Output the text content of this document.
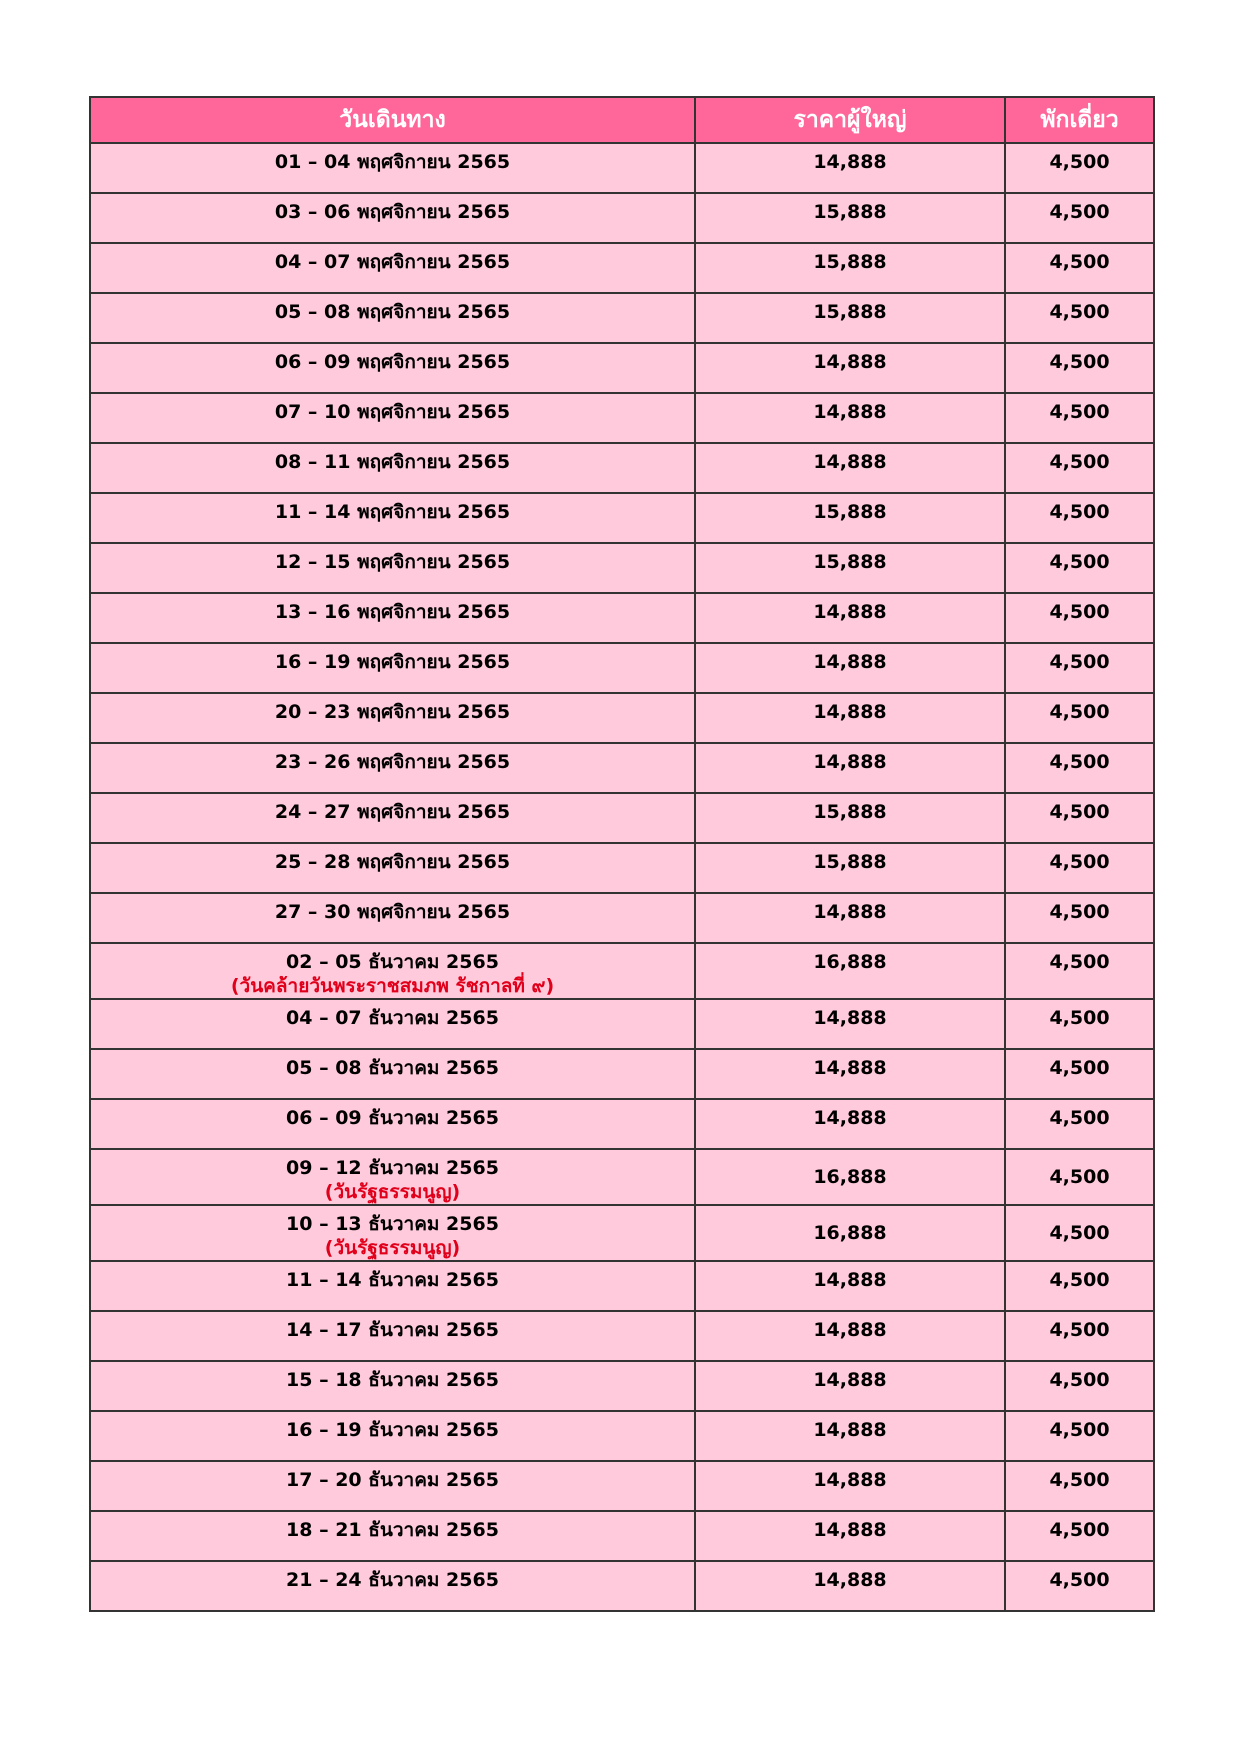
วันเดินทาง	ราคาผู้ใหญ่	พักเดี่ยว
01 – 04 พฤศจิกายน 2565	14,888	4,500
03 – 06 พฤศจิกายน 2565	15,888	4,500
04 – 07 พฤศจิกายน 2565	15,888	4,500
05 – 08 พฤศจิกายน 2565	15,888	4,500
06 – 09 พฤศจิกายน 2565	14,888	4,500
07 – 10 พฤศจิกายน 2565	14,888	4,500
08 – 11 พฤศจิกายน 2565	14,888	4,500
11 – 14 พฤศจิกายน 2565	15,888	4,500
12 – 15 พฤศจิกายน 2565	15,888	4,500
13 – 16 พฤศจิกายน 2565	14,888	4,500
16 – 19 พฤศจิกายน 2565	14,888	4,500
20 – 23 พฤศจิกายน 2565	14,888	4,500
23 – 26 พฤศจิกายน 2565	14,888	4,500
24 – 27 พฤศจิกายน 2565	15,888	4,500
25 – 28 พฤศจิกายน 2565	15,888	4,500
27 – 30 พฤศจิกายน 2565	14,888	4,500
02 – 05 ธันวาคม 2565
(วันคล้ายวันพระราชสมภพ รัชกาลที่ ๙)	16,888	4,500
04 – 07 ธันวาคม 2565	14,888	4,500
05 – 08 ธันวาคม 2565	14,888	4,500
06 – 09 ธันวาคม 2565	14,888	4,500
09 – 12 ธันวาคม 2565
(วันรัฐธรรมนูญ)	16,888	4,500
10 – 13 ธันวาคม 2565
(วันรัฐธรรมนูญ)	16,888	4,500
11 – 14 ธันวาคม 2565	14,888	4,500
14 – 17 ธันวาคม 2565	14,888	4,500
15 – 18 ธันวาคม 2565	14,888	4,500
16 – 19 ธันวาคม 2565	14,888	4,500
17 – 20 ธันวาคม 2565	14,888	4,500
18 – 21 ธันวาคม 2565	14,888	4,500
21 – 24 ธันวาคม 2565	14,888	4,500
